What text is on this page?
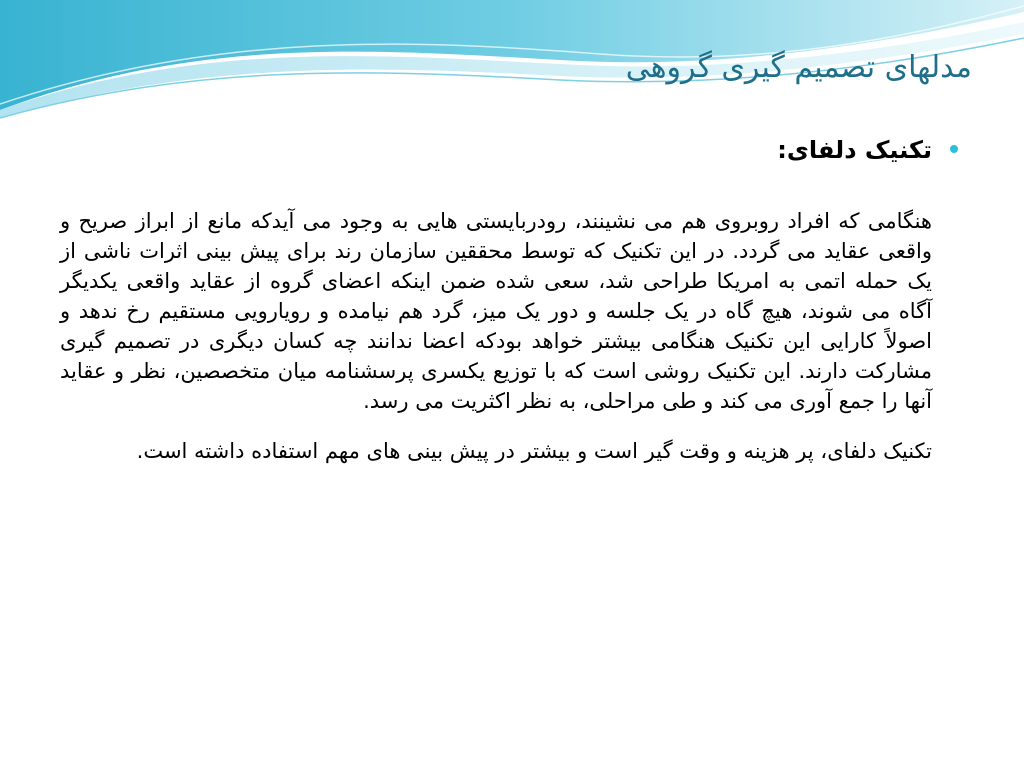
مدلهای تصمیم گیری گروهی
تکنیک دلفای:

هنگامی که افراد روبروی هم می نشینند، رودربایستی هایی به وجود می آیدکه مانع از ابراز صریح و واقعی عقاید می گردد. در این تکنیک که توسط محققین سازمان رند برای پیش بینی اثرات ناشی از یک حمله اتمی به امریکا طراحی شد، سعی شده ضمن اینکه اعضای گروه از عقاید واقعی یکدیگر آگاه می شوند، هیچ گاه در یک جلسه و دور یک میز، گرد هم نیامده و رویارویی مستقیم رخ ندهد و اصولاً کارایی این تکنیک هنگامی بیشتر خواهد بودکه اعضا ندانند چه کسان دیگری در تصمیم گیری مشارکت دارند. این تکنیک روشی است که با توزیع یکسری پرسشنامه میان متخصصین، نظر و عقاید آنها را جمع آوری می کند و طی مراحلی، به نظر اکثریت می رسد.

تکنیک دلفای، پر هزینه و وقت گیر است و بیشتر در پیش بینی های مهم استفاده داشته است.
